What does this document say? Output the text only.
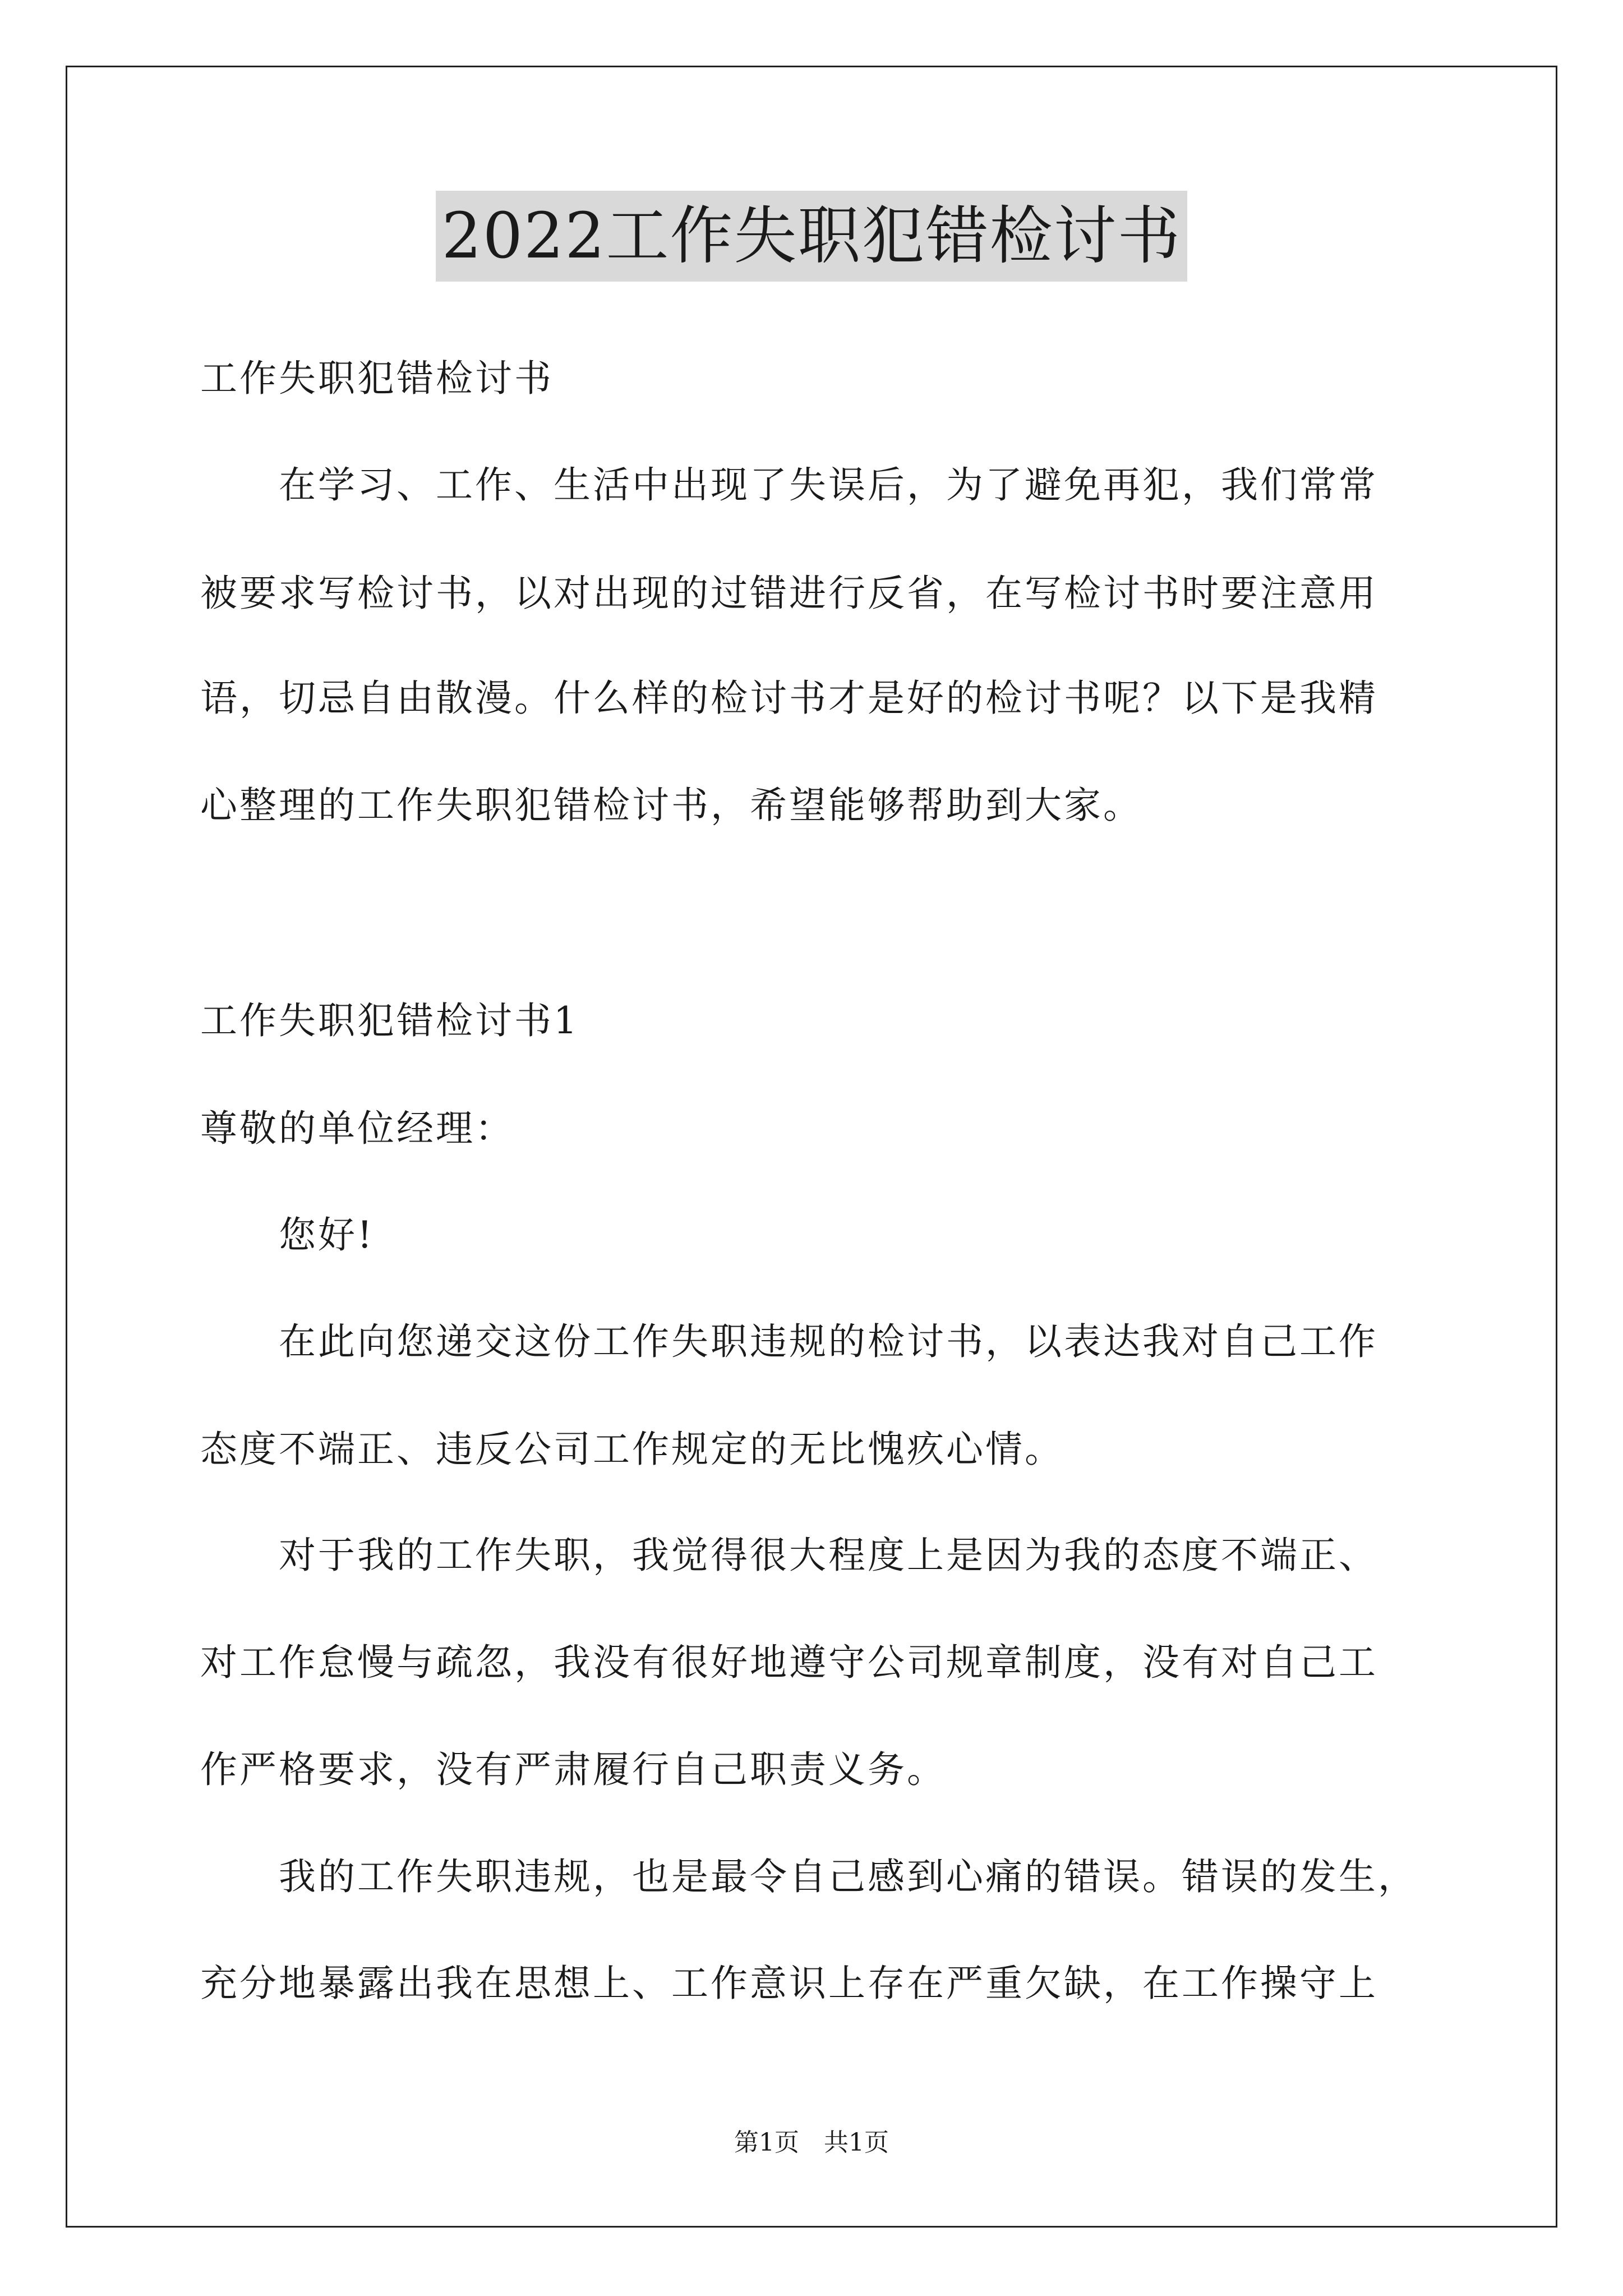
2022工作失职犯错检讨书
工作失职犯错检讨书
　　在学习、工作、生活中出现了失误后，为了避免再犯，我们常常
被要求写检讨书，以对出现的过错进行反省，在写检讨书时要注意用
语，切忌自由散漫。什么样的检讨书才是好的检讨书呢？以下是我精
心整理的工作失职犯错检讨书，希望能够帮助到大家。
工作失职犯错检讨书1
尊敬的单位经理：
　　您好!
　　在此向您递交这份工作失职违规的检讨书，以表达我对自己工作
态度不端正、违反公司工作规定的无比愧疚心情。
　　对于我的工作失职，我觉得很大程度上是因为我的态度不端正、
对工作怠慢与疏忽，我没有很好地遵守公司规章制度，没有对自己工
作严格要求，没有严肃履行自己职责义务。
　　我的工作失职违规，也是最令自己感到心痛的错误。错误的发生，
充分地暴露出我在思想上、工作意识上存在严重欠缺，在工作操守上
第1页　共1页
